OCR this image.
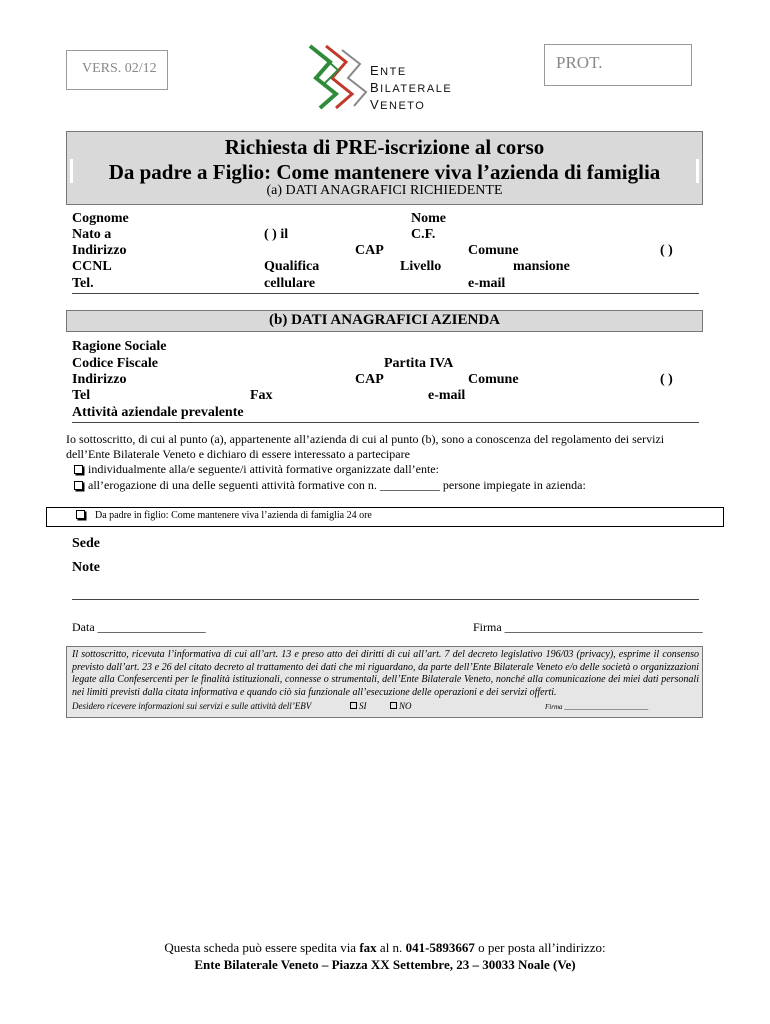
VERS. 02/12	PROT.
ENTE
BILATERALE
VENETO
Richiesta di PRE-iscrizione al corso
Da padre a Figlio: Come mantenere viva l’azienda di famiglia
(a) DATI ANAGRAFICI RICHIEDENTE
Cognome	Nome
Nato a	( ) il	C.F.
Indirizzo	CAP	Comune	( )
CCNL	Qualifica	Livello	mansione
Tel.	cellulare	e-mail
(b) DATI ANAGRAFICI AZIENDA
Ragione Sociale
Codice Fiscale	Partita IVA
Indirizzo	CAP	Comune	( )
Tel	Fax	e-mail
Attività aziendale prevalente
Io sottoscritto, di cui al punto (a), appartenente all’azienda di cui al punto (b), sono a conoscenza del regolamento dei servizi
dell’Ente Bilaterale Veneto e dichiaro di essere interessato a partecipare
individualmente alla/e seguente/i attività formative organizzate dall’ente:
all’erogazione di una delle seguenti attività formative con n. __________ persone impiegate in azienda:
Da padre in figlio: Come mantenere viva l’azienda di famiglia 24 ore
Sede
Note
Data __________________	Firma _________________________________
Il sottoscritto, ricevuta l’informativa di cui all’art. 13 e preso atto dei diritti di cui all’art. 7 del decreto legislativo 196/03 (privacy), esprime il consenso previsto dall’art. 23 e 26 del citato decreto al trattamento dei dati che mi riguardano, da parte dell’Ente Bilaterale Veneto e/o delle società o organizzazioni legate alla Confesercenti per le finalità istituzionali, connesse o strumentali, dell’Ente Bilaterale Veneto, nonché alla comunicazione dei miei dati personali nei limiti previsti dalla citata informativa e quando ciò sia funzionale all’esecuzione delle operazioni e dei servizi offerti.
Desidero ricevere informazioni sui servizi e sulle attività dell’EBV	SI	NO	Firma ________________________
Questa scheda può essere spedita via fax al n. 041-5893667 o per posta all’indirizzo:
Ente Bilaterale Veneto – Piazza XX Settembre, 23 – 30033 Noale (Ve)
